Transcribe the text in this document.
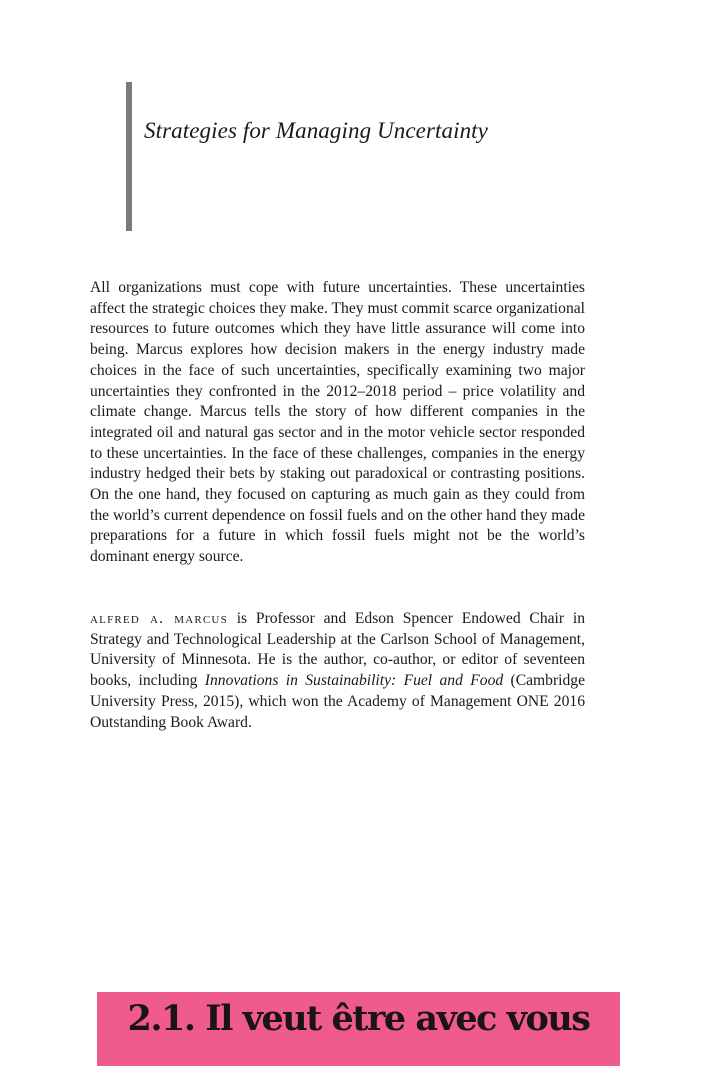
Strategies for Managing Uncertainty

All organizations must cope with future uncertainties. These uncertainties affect the strategic choices they make. They must commit scarce organizational resources to future outcomes which they have little assurance will come into being. Marcus explores how decision makers in the energy industry made choices in the face of such uncertainties, specifically examining two major uncertainties they confronted in the 2012–2018 period – price volatility and climate change. Marcus tells the story of how different companies in the integrated oil and natural gas sector and in the motor vehicle sector responded to these uncertainties. In the face of these challenges, companies in the energy industry hedged their bets by staking out paradoxical or contrasting positions. On the one hand, they focused on capturing as much gain as they could from the world’s current dependence on fossil fuels and on the other hand they made preparations for a future in which fossil fuels might not be the world’s dominant energy source.

alfred a. marcus is Professor and Edson Spencer Endowed Chair in Strategy and Technological Leadership at the Carlson School of Management, University of Minnesota. He is the author, co-author, or editor of seventeen books, including Innovations in Sustainability: Fuel and Food (Cambridge University Press, 2015), which won the Academy of Management ONE 2016 Outstanding Book Award.

2.1. Il veut être avec vous
